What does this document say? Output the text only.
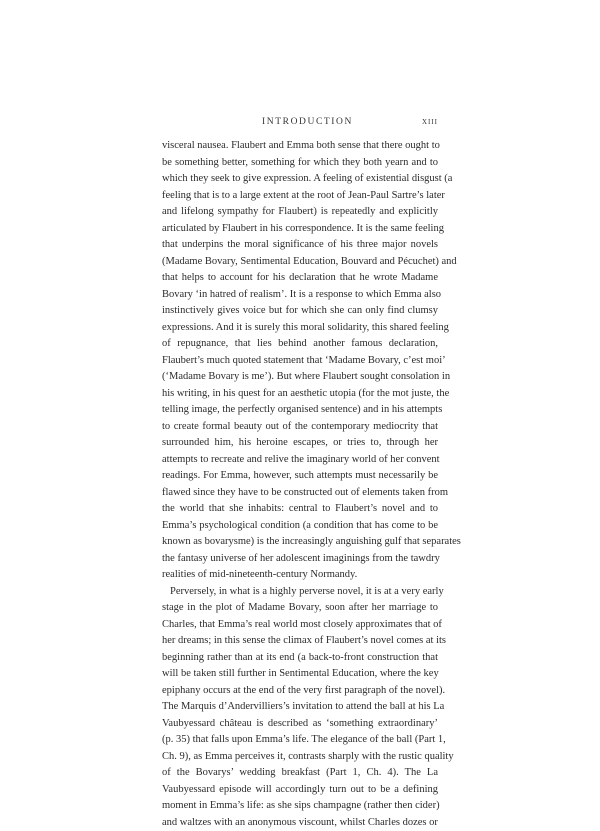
INTRODUCTION	xiii
visceral nausea. Flaubert and Emma both sense that there ought to
be something better, something for which they both yearn and to
which they seek to give expression. A feeling of existential disgust (a
feeling that is to a large extent at the root of Jean-Paul Sartre’s later
and lifelong sympathy for Flaubert) is repeatedly and explicitly
articulated by Flaubert in his correspondence. It is the same feeling
that underpins the moral significance of his three major novels
(Madame Bovary, Sentimental Education, Bouvard and Pécuchet) and
that helps to account for his declaration that he wrote Madame
Bovary ‘in hatred of realism’. It is a response to which Emma also
instinctively gives voice but for which she can only find clumsy
expressions. And it is surely this moral solidarity, this shared feeling
of repugnance, that lies behind another famous declaration,
Flaubert’s much quoted statement that ‘Madame Bovary, c’est moi’
(‘Madame Bovary is me’). But where Flaubert sought consolation in
his writing, in his quest for an aesthetic utopia (for the mot juste, the
telling image, the perfectly organised sentence) and in his attempts
to create formal beauty out of the contemporary mediocrity that
surrounded him, his heroine escapes, or tries to, through her
attempts to recreate and relive the imaginary world of her convent
readings. For Emma, however, such attempts must necessarily be
flawed since they have to be constructed out of elements taken from
the world that she inhabits: central to Flaubert’s novel and to
Emma’s psychological condition (a condition that has come to be
known as bovarysme) is the increasingly anguishing gulf that separates
the fantasy universe of her adolescent imaginings from the tawdry
realities of mid-nineteenth-century Normandy.
Perversely, in what is a highly perverse novel, it is at a very early
stage in the plot of Madame Bovary, soon after her marriage to
Charles, that Emma’s real world most closely approximates that of
her dreams; in this sense the climax of Flaubert’s novel comes at its
beginning rather than at its end (a back-to-front construction that
will be taken still further in Sentimental Education, where the key
epiphany occurs at the end of the very first paragraph of the novel).
The Marquis d’Andervilliers’s invitation to attend the ball at his La
Vaubyessard château is described as ‘something extraordinary’
(p. 35) that falls upon Emma’s life. The elegance of the ball (Part 1,
Ch. 9), as Emma perceives it, contrasts sharply with the rustic quality
of the Bovarys’ wedding breakfast (Part 1, Ch. 4). The La
Vaubyessard episode will accordingly turn out to be a defining
moment in Emma’s life: as she sips champagne (rather then cider)
and waltzes with an anonymous viscount, whilst Charles dozes or
